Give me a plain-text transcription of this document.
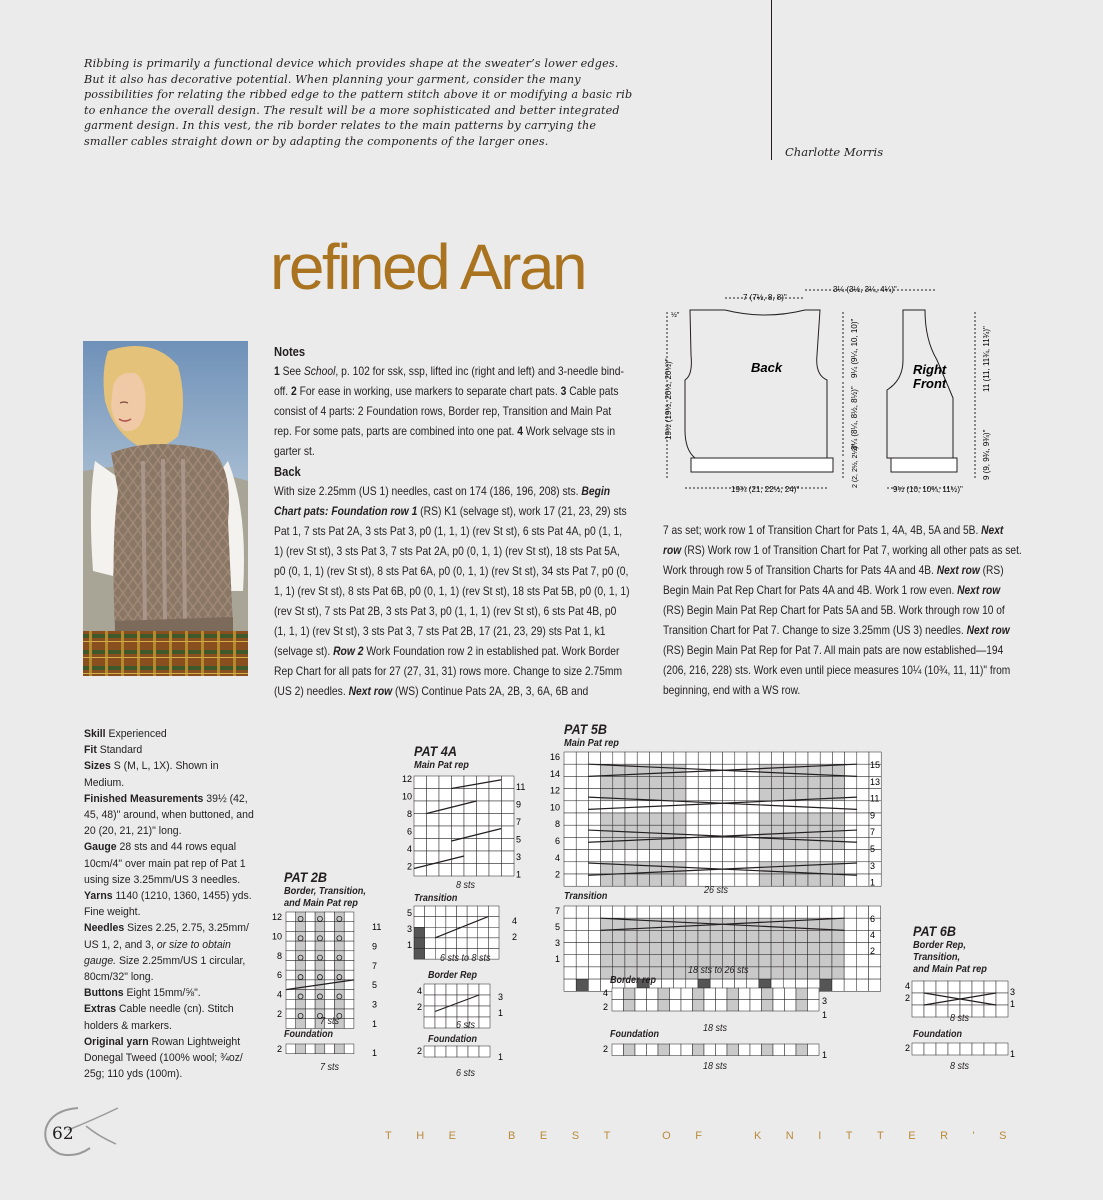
Ribbing is primarily a functional device which provides shape at the sweater’s lower edges. But it also has decorative potential. When planning your garment, consider the many possibilities for relating the ribbed edge to the pattern stitch above it or modifying a basic rib to enhance the overall design. The result will be a more sophisticated and better integrated garment design. In this vest, the rib border relates to the main patterns by carrying the smaller cables straight down or by adapting the components of the larger ones.
Charlotte Morris
refined Aran
Notes
1 See School, p. 102 for ssk, ssp, lifted inc (right and left) and 3-needle bind-off. 2 For ease in working, use markers to separate chart pats. 3 Cable pats consist of 4 parts: 2 Foundation rows, Border rep, Transition and Main Pat rep. For some pats, parts are combined into one pat. 4 Work selvage sts in garter st.
Back
With size 2.25mm (US 1) needles, cast on 174 (186, 196, 208) sts. Begin Chart pats: Foundation row 1 (RS) K1 (selvage st), work 17 (21, 23, 29) sts Pat 1, 7 sts Pat 2A, 3 sts Pat 3, p0 (1, 1, 1) (rev St st), 6 sts Pat 4A, p0 (1, 1, 1) (rev St st), 3 sts Pat 3, 7 sts Pat 2A, p0 (0, 1, 1) (rev St st), 18 sts Pat 5A, p0 (0, 1, 1) (rev St st), 8 sts Pat 6A, p0 (0, 1, 1) (rev St st), 34 sts Pat 7, p0 (0, 1, 1) (rev St st), 8 sts Pat 6B, p0 (0, 1, 1) (rev St st), 18 sts Pat 5B, p0 (0, 1, 1) (rev St st), 7 sts Pat 2B, 3 sts Pat 3, p0 (1, 1, 1) (rev St st), 6 sts Pat 4B, p0 (1, 1, 1) (rev St st), 3 sts Pat 3, 7 sts Pat 2B, 17 (21, 23, 29) sts Pat 1, k1 (selvage st). Row 2 Work Foundation row 2 in established pat. Work Border Rep Chart for all pats for 27 (27, 31, 31) rows more. Change to size 2.75mm (US 2) needles. Next row (WS) Continue Pats 2A, 2B, 3, 6A, 6B and
7 as set; work row 1 of Transition Chart for Pats 1, 4A, 4B, 5A and 5B. Next row (RS) Work row 1 of Transition Chart for Pat 7, working all other pats as set. Work through row 5 of Transition Charts for Pats 4A and 4B. Next row (RS) Begin Main Pat Rep Chart for Pats 4A and 4B. Work 1 row even. Next row (RS) Begin Main Pat Rep Chart for Pats 5A and 5B. Work through row 10 of Transition Chart for Pat 7. Change to size 3.25mm (US 3) needles. Next row (RS) Begin Main Pat Rep for Pat 7. All main pats are now established—194 (206, 216, 228) sts. Work even until piece measures 10¼ (10¾, 11, 11)" from beginning, end with a WS row.
Back	Right
Front
7 (7½, 8, 8)"
3¼ (3½, 3¼, 4¼)"
½"
19¾ (21, 22½, 24)"	9½ (10, 10¾, 11½)"
19½ (19½, 20½, 20½)"
9¼ (9¼, 10, 10)"
8¼ (8¼, 8½, 8½)"
2 (2, 2½, 2½)"
11 (11, 11¾, 11¾)"
9 (9, 9¾, 9¾)"
Skill Experienced
Fit Standard
Sizes S (M, L, 1X). Shown in Medium.
Finished Measurements 39½ (42, 45, 48)" around, when buttoned, and 20 (20, 21, 21)" long.
Gauge 28 sts and 44 rows equal 10cm/4" over main pat rep of Pat 1 using size 3.25mm/US 3 needles.
Yarns 1140 (1210, 1360, 1455) yds. Fine weight.
Needles Sizes 2.25, 2.75, 3.25mm/ US 1, 2, and 3, or size to obtain gauge. Size 2.25mm/US 1 circular, 80cm/32" long.
Buttons Eight 15mm/⅝".
Extras Cable needle (cn). Stitch holders & markers.
Original yarn Rowan Lightweight Donegal Tweed (100% wool; ¾oz/ 25g; 110 yds (100m).
PAT 2B
Border, Transition,
and Main Pat rep
12
10
8
6
4
2
11
9
7
5
3
1
2	1
7 sts
Foundation
7 sts
PAT 4A
Main Pat rep
12
10
8
6
4
2
11
9
7
5
3
1
5
3
1
4
2
4
2
3
1
2
1
8 sts
Transition
6 sts to 8 sts
Border Rep
6 sts
Foundation
6 sts
PAT 5B
Main Pat rep
16
14
12
10
8
6
4
2
15
13
11
9
7
5
3
1
7
5
3
1
6
4
2
4
2
3
1
2
1
26 sts
Transition
18 sts to 26 sts
Border rep
18 sts
Foundation
18 sts
PAT 6B
Border Rep,
Transition,
and Main Pat rep
4
2
3
1
2
1
8 sts
Foundation
8 sts
62	THE BEST OF KNITTER'S
